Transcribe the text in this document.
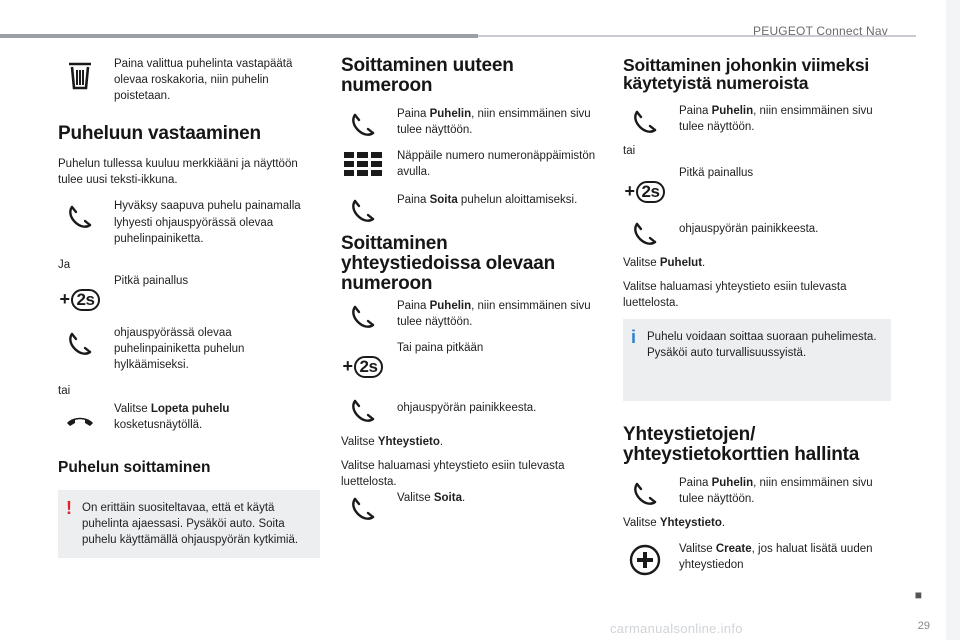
PEUGEOT Connect Nav

Paina valittua puhelinta vastapäätä olevaa roskakoria, niin puhelin poistetaan.

Puheluun vastaaminen

Puhelun tullessa kuuluu merkkiääni ja näyttöön tulee uusi teksti-ikkuna.

Hyväksy saapuva puhelu painamalla lyhyesti ohjauspyörässä olevaa puhelinpainiketta.

Ja

+ 2s

Pitkä painallus

ohjauspyörässä olevaa puhelinpainiketta puhelun hylkäämiseksi.

tai

Valitse Lopeta puhelu kosketusnäytöllä.

Puhelun soittaminen
! On erittäin suositeltavaa, että et käytä puhelinta ajaessasi. Pysäköi auto. Soita puhelu käyttämällä ohjauspyörän kytkimiä.

Soittaminen uuteen numeroon

Paina Puhelin, niin ensimmäinen sivu tulee näyttöön.

Näppäile numero numeronäppäimistön avulla.

Paina Soita puhelun aloittamiseksi.

Soittaminen yhteystiedoissa olevaan numeroon

Paina Puhelin, niin ensimmäinen sivu tulee näyttöön.

+ 2s

Tai paina pitkään

ohjauspyörän painikkeesta.

Valitse Yhteystieto.

Valitse haluamasi yhteystieto esiin tulevasta luettelosta.

Valitse Soita.

Soittaminen johonkin viimeksi käytetyistä numeroista

Paina Puhelin, niin ensimmäinen sivu tulee näyttöön.

tai

+ 2s

Pitkä painallus

ohjauspyörän painikkeesta.

Valitse Puhelut.

Valitse haluamasi yhteystieto esiin tulevasta luettelosta.

i Puhelu voidaan soittaa suoraan puhelimesta. Pysäköi auto turvallisuussyistä.

Yhteystietojen/ yhteystietokorttien hallinta

Paina Puhelin, niin ensimmäinen sivu tulee näyttöön.

Valitse Yhteystieto.

Valitse Create, jos haluat lisätä uuden yhteystiedon

■
29
carmanualsonline.info
